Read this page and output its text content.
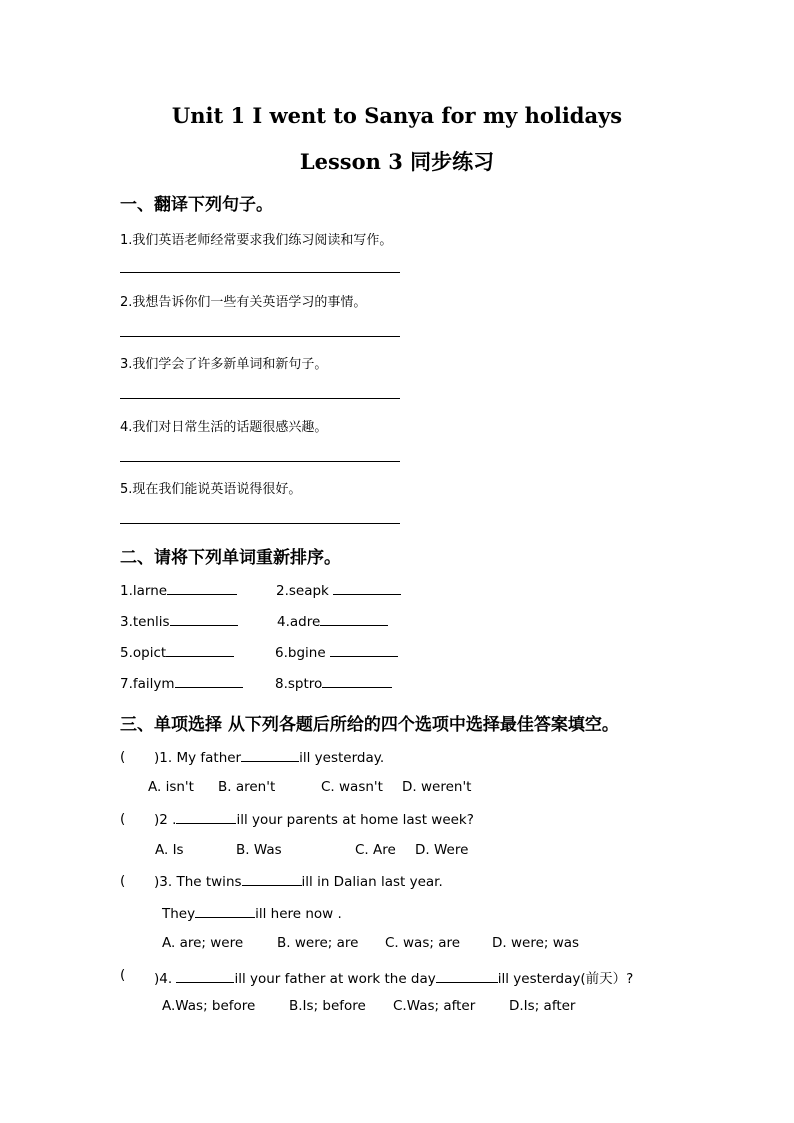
Unit 1 I went to Sanya for my holidays
Lesson 3 同步练习
一、翻译下列句子。
1.我们英语老师经常要求我们练习阅读和写作。
2.我想告诉你们一些有关英语学习的事情。
3.我们学会了许多新单词和新句子。
4.我们对日常生活的话题很感兴趣。
5.现在我们能说英语说得很好。
二、请将下列单词重新排序。
1.larne	2.seapk
3.tenlis	4.adre
5.opict	6.bgine
7.failym	8.sptro
三、单项选择 从下列各题后所给的四个选项中选择最佳答案填空。
( )1. My father	ill yesterday.
A. isn't B. aren't	C. wasn't D. weren't
( )2 .	ill your parents at home last week?
A. Is	B. Was	C. Are D. Were
( )3. The twins	ill in Dalian last year.
They	ill here now .
A. are; were	B. were; are C. was; are D. were; was
( )4.	ill your father at work the day	ill yesterday(前天）?
A.Was; before B.Is; before C.Was; after D.Is; after
